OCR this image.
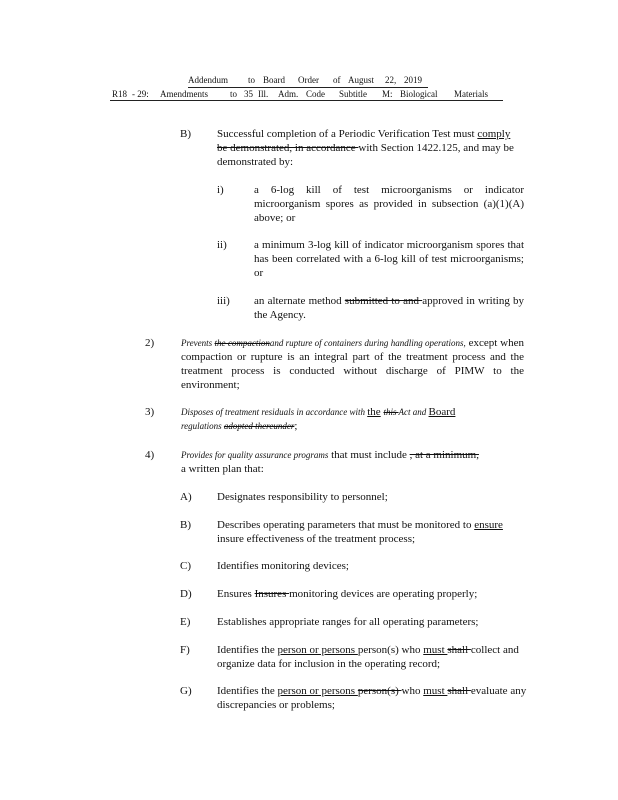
Addendum to Board Order of August 22, 2019
R18 - 29: Amendments to 35 Ill. Adm. Code Subtitle M: Biological Materials
B) Successful completion of a Periodic Verification Test must comply
be demonstrated, in accordance with Section 1422.125, and may be
demonstrated by:
i)	a 6-log kill of test microorganisms or indicator microorganism spores as provided in subsection (a)(1)(A) above; or
ii) a minimum 3-log kill of indicator microorganism spores that has been correlated with a 6-log kill of test microorganisms; or
iii) an alternate method submitted to and approved in writing by the Agency.
2)	Prevents the compactionand rupture of containers during handling operations, except when compaction or rupture is an integral part of the treatment process and the treatment process is conducted without discharge of PIMW to the environment;
3)	Disposes of treatment residuals in accordance with the this Act and Board
regulations adopted thereunder;
4)	Provides for quality assurance programs that must include , at a minimum,
a written plan that:
A) Designates responsibility to personnel;
B) Describes operating parameters that must be monitored to ensure
insure effectiveness of the treatment process;
C) Identifies monitoring devices;
D) Ensures Insures monitoring devices are operating properly;
E) Establishes appropriate ranges for all operating parameters;
F) Identifies the person or persons person(s) who must shall collect and organize data for inclusion in the operating record;
G) Identifies the person or persons person(s) who must shall evaluate any discrepancies or problems;
